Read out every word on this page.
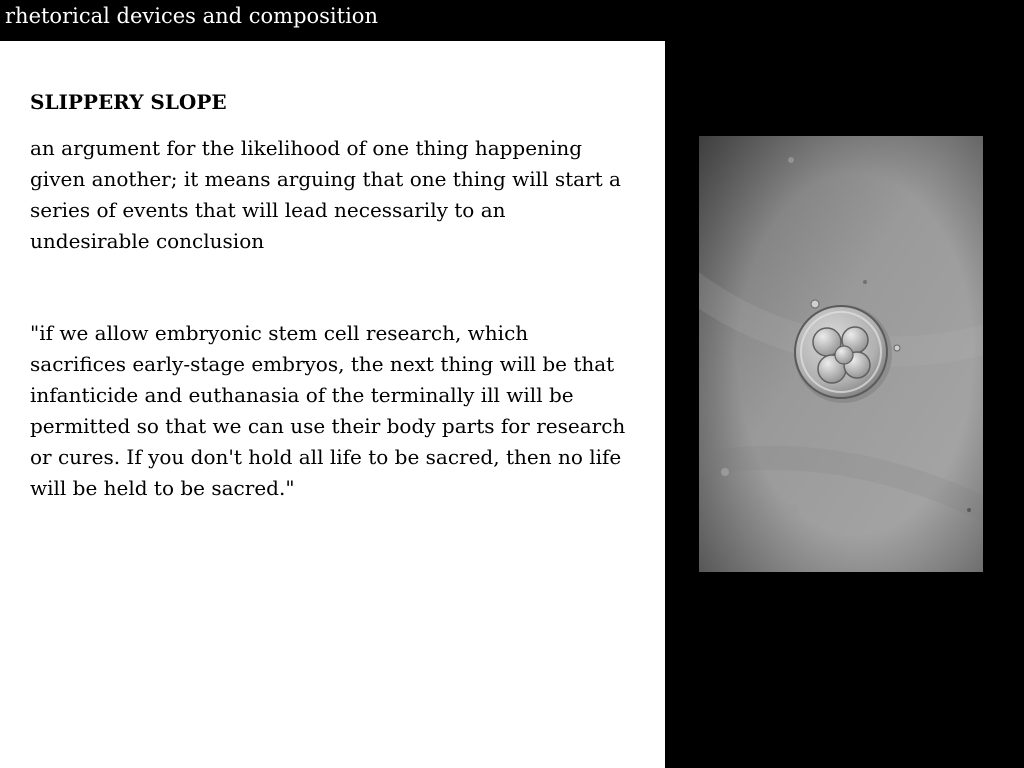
rhetorical devices and composition
SLIPPERY SLOPE

an argument for the likelihood of one thing happening given another; it means arguing that one thing will start a series of events that will lead necessarily to an undesirable conclusion

"if we allow embryonic stem cell research, which sacrifices early-stage embryos, the next thing will be that infanticide and euthanasia of the terminally ill will be permitted so that we can use their body parts for research or cures. If you don't hold all life to be sacred, then no life will be held to be sacred."
